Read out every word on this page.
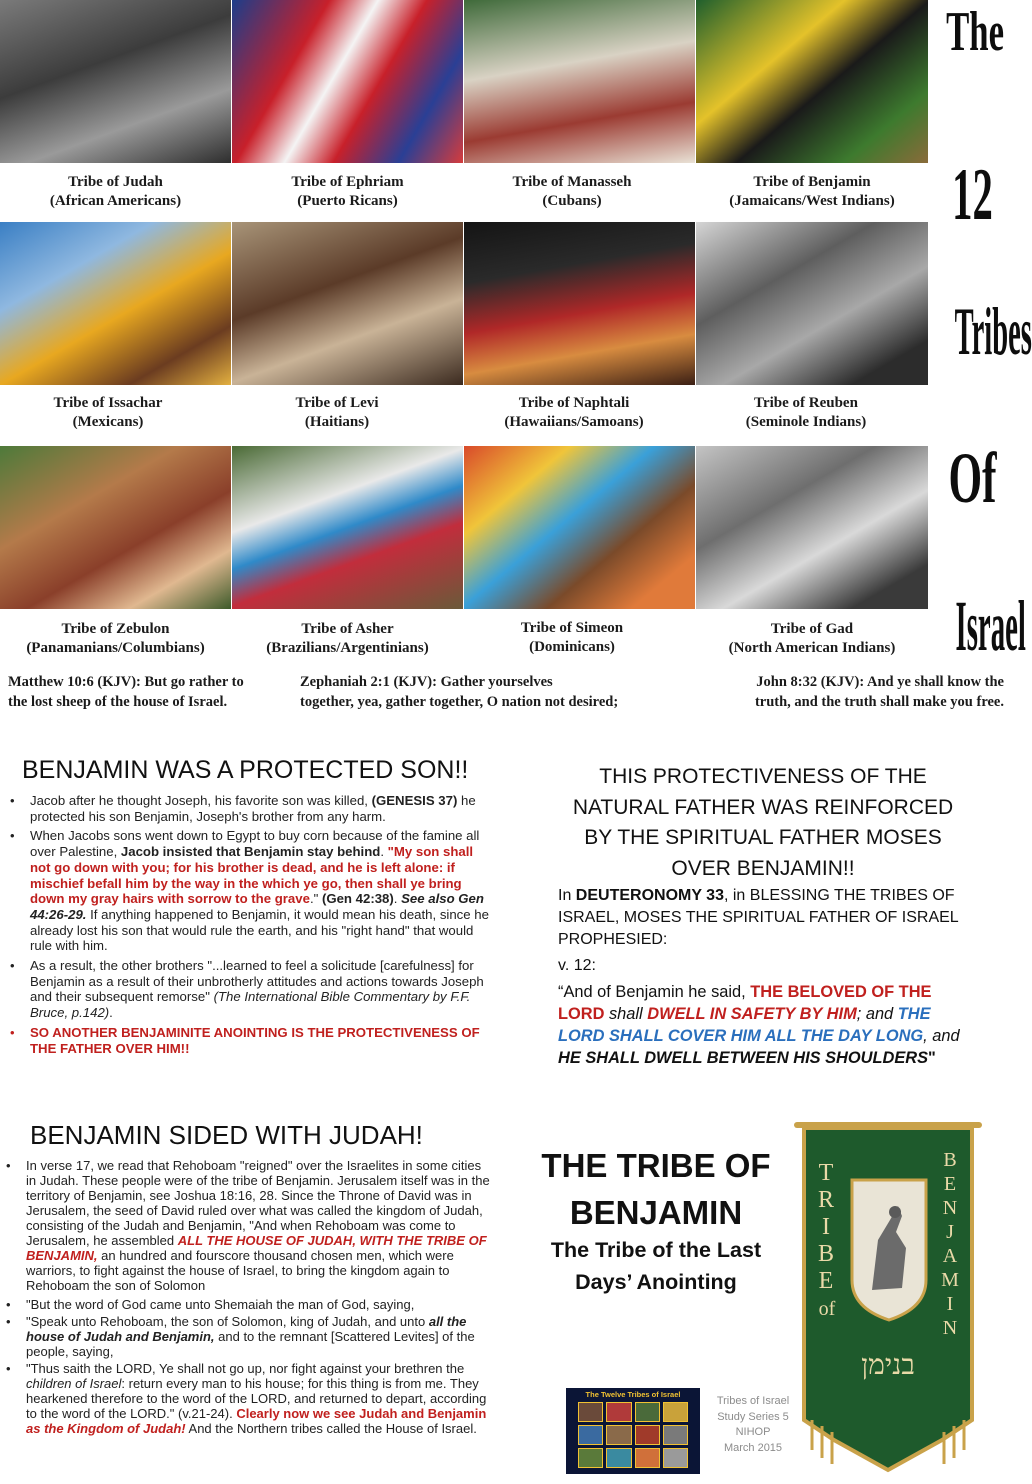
Tribe of Judah
(African Americans)
Tribe of Ephriam
(Puerto Ricans)
Tribe of Manasseh
(Cubans)
Tribe of Benjamin
(Jamaicans/West Indians)
Tribe of Issachar
(Mexicans)
Tribe of Levi
(Haitians)
Tribe of Naphtali
(Hawaiians/Samoans)
Tribe of Reuben
(Seminole Indians)
Tribe of Zebulon
(Panamanians/Columbians)
Tribe of Asher
(Brazilians/Argentinians)
Tribe of Simeon
(Dominicans)
Tribe of Gad
(North American Indians)
The
12
Tribes
Of
Israel
Matthew 10:6 (KJV): But go rather to
the lost sheep of the house of Israel.
Zephaniah 2:1 (KJV): Gather yourselves
together, yea, gather together, O nation not desired;
John 8:32 (KJV): And ye shall know the
truth, and the truth shall make you free.
BENJAMIN WAS A PROTECTED SON!!
• Jacob after he thought Joseph, his favorite son was killed, (GENESIS 37) he protected his son Benjamin, Joseph's brother from any harm.
• When Jacobs sons went down to Egypt to buy corn because of the famine all over Palestine, Jacob insisted that Benjamin stay behind. "My son shall not go down with you; for his brother is dead, and he is left alone: if mischief befall him by the way in the which ye go, then shall ye bring down my gray hairs with sorrow to the grave." (Gen 42:38). See also Gen 44:26-29. If anything happened to Benjamin, it would mean his death, since he already lost his son that would rule the earth, and his "right hand" that would rule with him.
• As a result, the other brothers "...learned to feel a solicitude [carefulness] for Benjamin as a result of their unbrotherly attitudes and actions towards Joseph and their subsequent remorse" (The International Bible Commentary by F.F. Bruce, p.142).
• SO ANOTHER BENJAMINITE ANOINTING IS THE PROTECTIVENESS OF THE FATHER OVER HIM!!
THIS PROTECTIVENESS OF THE NATURAL FATHER WAS REINFORCED BY THE SPIRITUAL FATHER MOSES OVER BENJAMIN!!
In DEUTERONOMY 33, in BLESSING THE TRIBES OF ISRAEL, MOSES THE SPIRITUAL FATHER OF ISRAEL PROPHESIED:
v. 12:
“And of Benjamin he said, THE BELOVED OF THE LORD shall DWELL IN SAFETY BY HIM; and THE LORD SHALL COVER HIM ALL THE DAY LONG, and HE SHALL DWELL BETWEEN HIS SHOULDERS"
BENJAMIN SIDED WITH JUDAH!
• In verse 17, we read that Rehoboam "reigned" over the Israelites in some cities in Judah. These people were of the tribe of Benjamin. Jerusalem itself was in the territory of Benjamin, see Joshua 18:16, 28. Since the Throne of David was in Jerusalem, the seed of David ruled over what was called the kingdom of Judah, consisting of the Judah and Benjamin, "And when Rehoboam was come to Jerusalem, he assembled ALL THE HOUSE OF JUDAH, WITH THE TRIBE OF BENJAMIN, an hundred and fourscore thousand chosen men, which were warriors, to fight against the house of Israel, to bring the kingdom again to Rehoboam the son of Solomon
• "But the word of God came unto Shemaiah the man of God, saying,
• "Speak unto Rehoboam, the son of Solomon, king of Judah, and unto all the house of Judah and Benjamin, and to the remnant [Scattered Levites] of the people, saying,
• "Thus saith the LORD, Ye shall not go up, nor fight against your brethren the children of Israel: return every man to his house; for this thing is from me. They hearkened therefore to the word of the LORD, and returned to depart, according to the word of the LORD." (v.21-24). Clearly now we see Judah and Benjamin as the Kingdom of Judah! And the Northern tribes called the House of Israel.
THE TRIBE OF
BENJAMIN
The Tribe of the Last
Days’ Anointing
TRIBE
of
BENJAMIN
בנימן
The Twelve Tribes of Israel
Tribes of Israel
Study Series 5
NIHOP
March 2015
